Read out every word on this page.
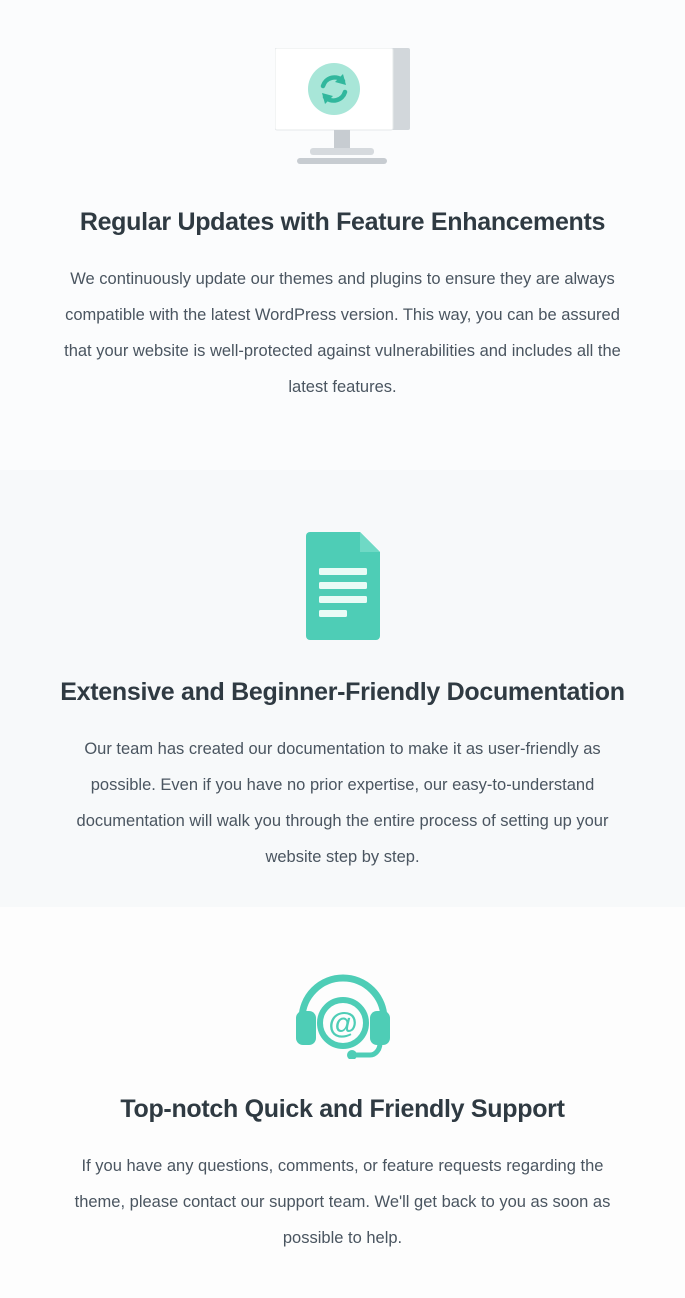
Regular Updates with Feature Enhancements

We continuously update our themes and plugins to ensure they are always compatible with the latest WordPress version. This way, you can be assured that your website is well-protected against vulnerabilities and includes all the latest features.

Extensive and Beginner-Friendly Documentation

Our team has created our documentation to make it as user-friendly as possible. Even if you have no prior expertise, our easy-to-understand documentation will walk you through the entire process of setting up your website step by step.

@
Top-notch Quick and Friendly Support

If you have any questions, comments, or feature requests regarding the theme, please contact our support team. We'll get back to you as soon as possible to help.
